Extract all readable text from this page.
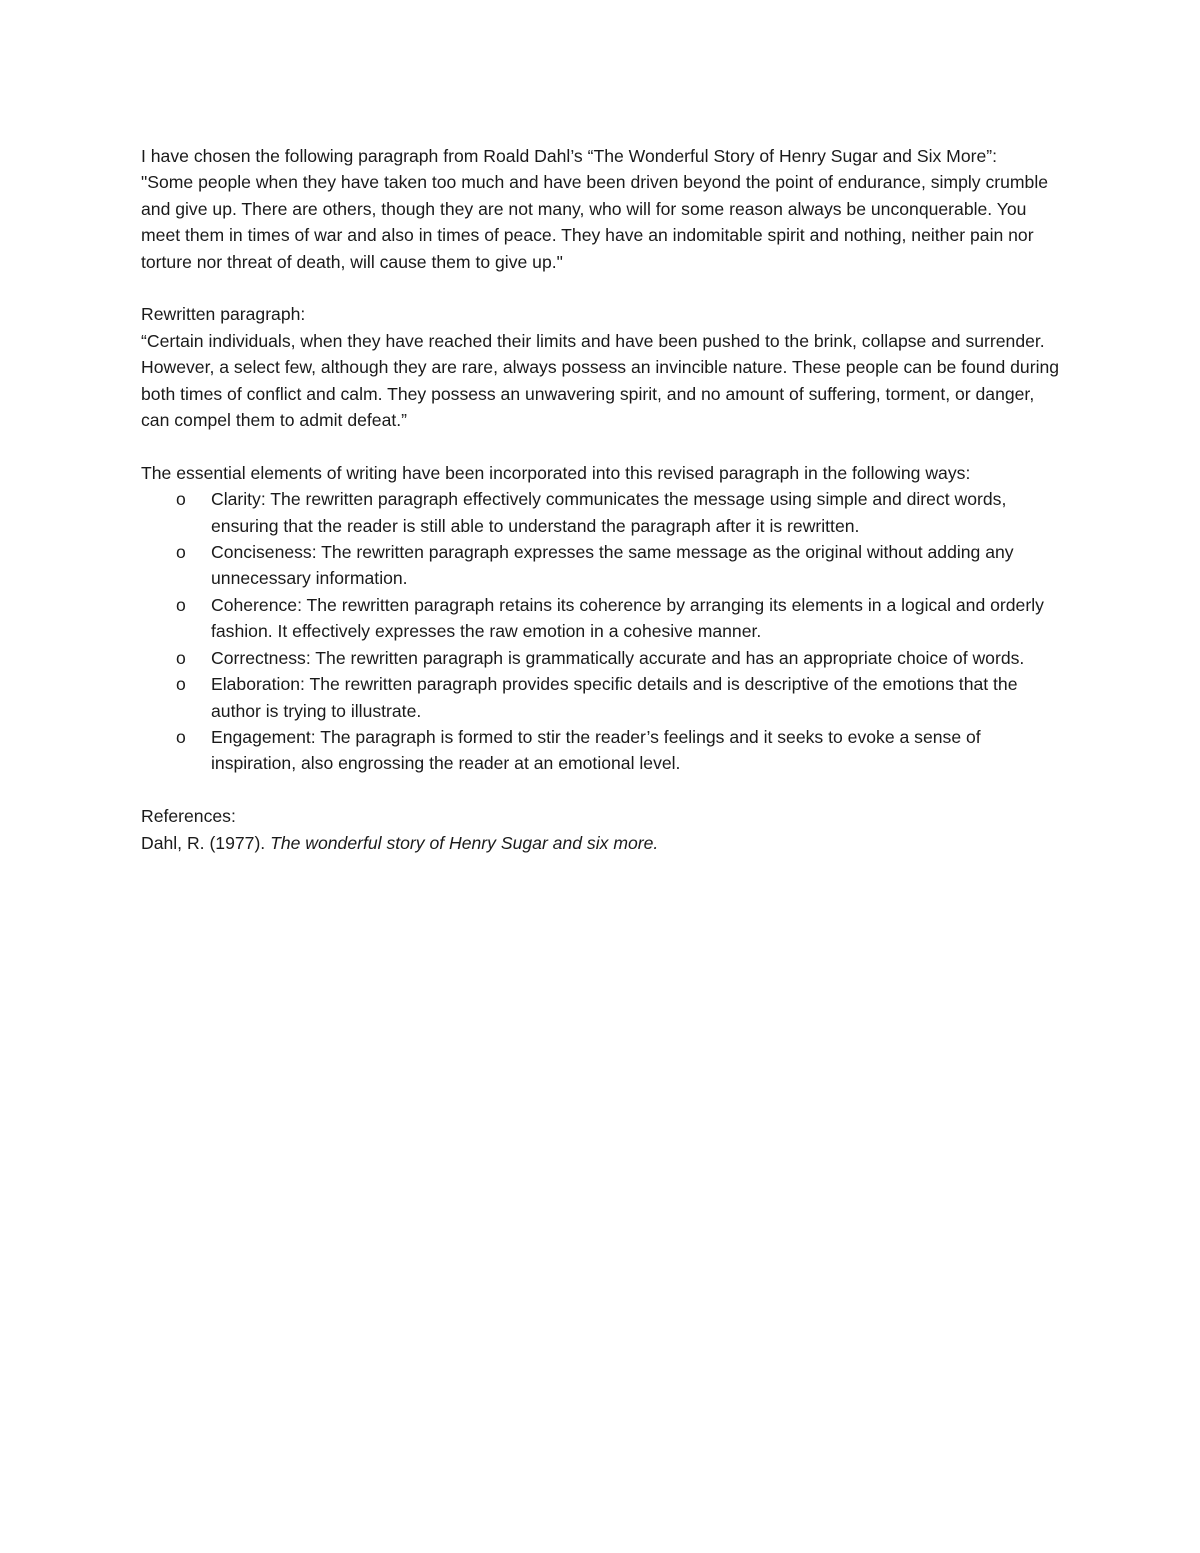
I have chosen the following paragraph from Roald Dahl’s “The Wonderful Story of Henry Sugar and Six More”:

"Some people when they have taken too much and have been driven beyond the point of endurance, simply crumble and give up. There are others, though they are not many, who will for some reason always be unconquerable. You meet them in times of war and also in times of peace. They have an indomitable spirit and nothing, neither pain nor torture nor threat of death, will cause them to give up."

Rewritten paragraph:

“Certain individuals, when they have reached their limits and have been pushed to the brink, collapse and surrender. However, a select few, although they are rare, always possess an invincible nature. These people can be found during both times of conflict and calm. They possess an unwavering spirit, and no amount of suffering, torment, or danger, can compel them to admit defeat.”

The essential elements of writing have been incorporated into this revised paragraph in the following ways:

o Clarity: The rewritten paragraph effectively communicates the message using simple and direct words, ensuring that the reader is still able to understand the paragraph after it is rewritten.
o Conciseness: The rewritten paragraph expresses the same message as the original without adding any unnecessary information.
o Coherence: The rewritten paragraph retains its coherence by arranging its elements in a logical and orderly fashion. It effectively expresses the raw emotion in a cohesive manner.
o Correctness: The rewritten paragraph is grammatically accurate and has an appropriate choice of words.
o Elaboration: The rewritten paragraph provides specific details and is descriptive of the emotions that the author is trying to illustrate.
o Engagement: The paragraph is formed to stir the reader’s feelings and it seeks to evoke a sense of inspiration, also engrossing the reader at an emotional level.

References:

Dahl, R. (1977). The wonderful story of Henry Sugar and six more.
